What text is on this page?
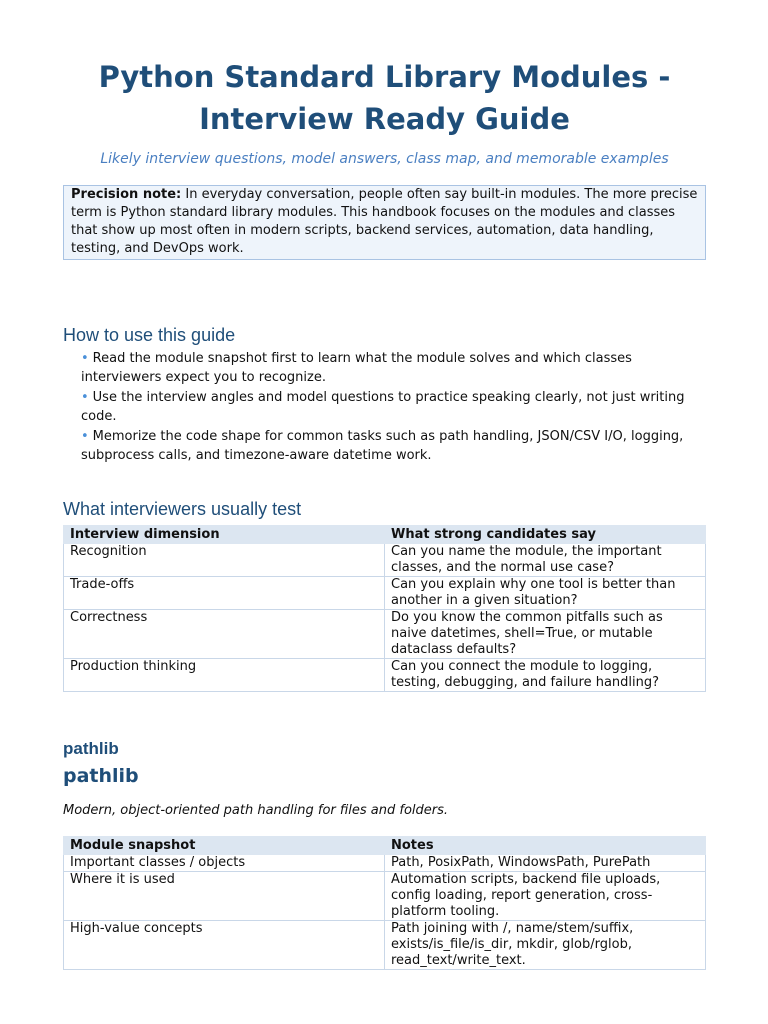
Python Standard Library Modules -
Interview Ready Guide

Likely interview questions, model answers, class map, and memorable examples

Precision note: In everyday conversation, people often say built-in modules. The more precise term is Python standard library modules. This handbook focuses on the modules and classes that show up most often in modern scripts, backend services, automation, data handling, testing, and DevOps work.

How to use this guide
• Read the module snapshot first to learn what the module solves and which classes interviewers expect you to recognize.
• Use the interview angles and model questions to practice speaking clearly, not just writing code.
• Memorize the code shape for common tasks such as path handling, JSON/CSV I/O, logging, subprocess calls, and timezone-aware datetime work.
What interviewers usually test
Interview dimension	What strong candidates say
Recognition	Can you name the module, the important classes, and the normal use case?
Trade-offs	Can you explain why one tool is better than another in a given situation?
Correctness	Do you know the common pitfalls such as naive datetimes, shell=True, or mutable dataclass defaults?
Production thinking	Can you connect the module to logging, testing, debugging, and failure handling?
pathlib
pathlib

Modern, object-oriented path handling for files and folders.

Module snapshot	Notes
Important classes / objects	Path, PosixPath, WindowsPath, PurePath
Where it is used	Automation scripts, backend file uploads, config loading, report generation, cross-platform tooling.
High-value concepts	Path joining with /, name/stem/suffix, exists/is_file/is_dir, mkdir, glob/rglob, read_text/write_text.
